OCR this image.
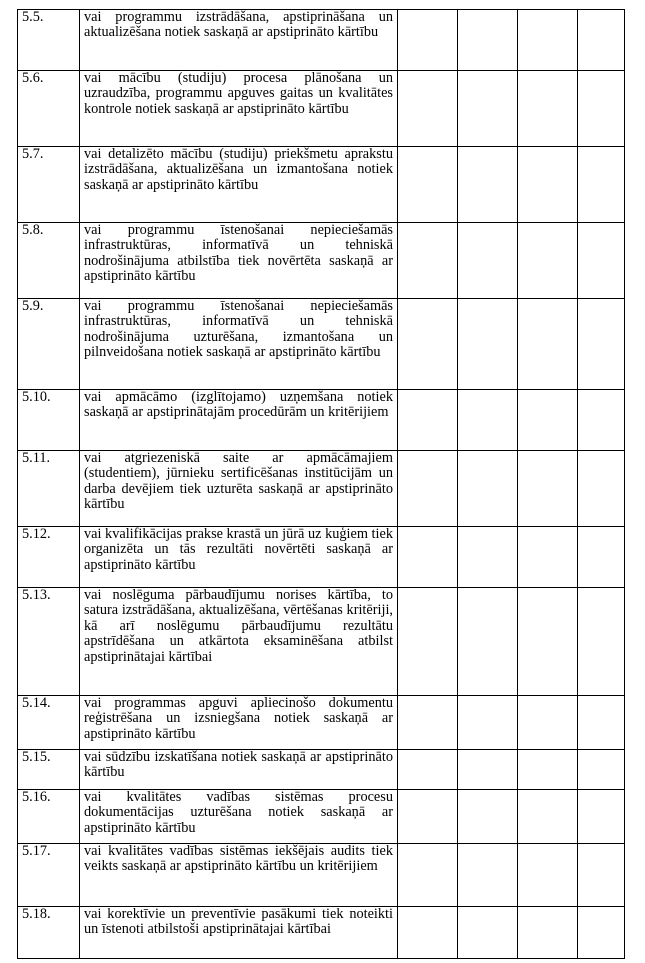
5.5.	vai programmu izstrādāšana, apstiprināšana un aktualizēšana notiek saskaņā ar apstiprināto kārtību				
5.6.	vai mācību (studiju) procesa plānošana un uzraudzība, programmu apguves gaitas un kvalitātes kontrole notiek saskaņā ar apstiprināto kārtību				
5.7.	vai detalizēto mācību (studiju) priekšmetu aprakstu izstrādāšana, aktualizēšana un izmantošana notiek saskaņā ar apstiprināto kārtību				
5.8.	vai programmu īstenošanai nepieciešamās infrastruktūras, informatīvā un tehniskā nodrošinājuma atbilstība tiek novērtēta saskaņā ar apstiprināto kārtību				
5.9.	vai programmu īstenošanai nepieciešamās infrastruktūras, informatīvā un tehniskā nodrošinājuma uzturēšana, izmantošana un pilnveidošana notiek saskaņā ar apstiprināto kārtību				
5.10.	vai apmācāmo (izglītojamo) uzņemšana notiek saskaņā ar apstiprinātajām procedūrām un kritērijiem				
5.11.	vai atgriezeniskā saite ar apmācāmajiem (studentiem), jūrnieku sertificēšanas institūcijām un darba devējiem tiek uzturēta saskaņā ar apstiprināto kārtību				
5.12.	vai kvalifikācijas prakse krastā un jūrā uz kuģiem tiek organizēta un tās rezultāti novērtēti saskaņā ar apstiprināto kārtību				
5.13.	vai noslēguma pārbaudījumu norises kārtība, to satura izstrādāšana, aktualizēšana, vērtēšanas kritēriji, kā arī noslēgumu pārbaudījumu rezultātu apstrīdēšana un atkārtota eksaminēšana atbilst apstiprinātajai kārtībai				
5.14.	vai programmas apguvi apliecinošo dokumentu reģistrēšana un izsniegšana notiek saskaņā ar apstiprināto kārtību				
5.15.	vai sūdzību izskatīšana notiek saskaņā ar apstiprināto kārtību				
5.16.	vai kvalitātes vadības sistēmas procesu dokumentācijas uzturēšana notiek saskaņā ar apstiprināto kārtību				
5.17.	vai kvalitātes vadības sistēmas iekšējais audits tiek veikts saskaņā ar apstiprināto kārtību un kritērijiem				
5.18.	vai korektīvie un preventīvie pasākumi tiek noteikti un īstenoti atbilstoši apstiprinātajai kārtībai				
